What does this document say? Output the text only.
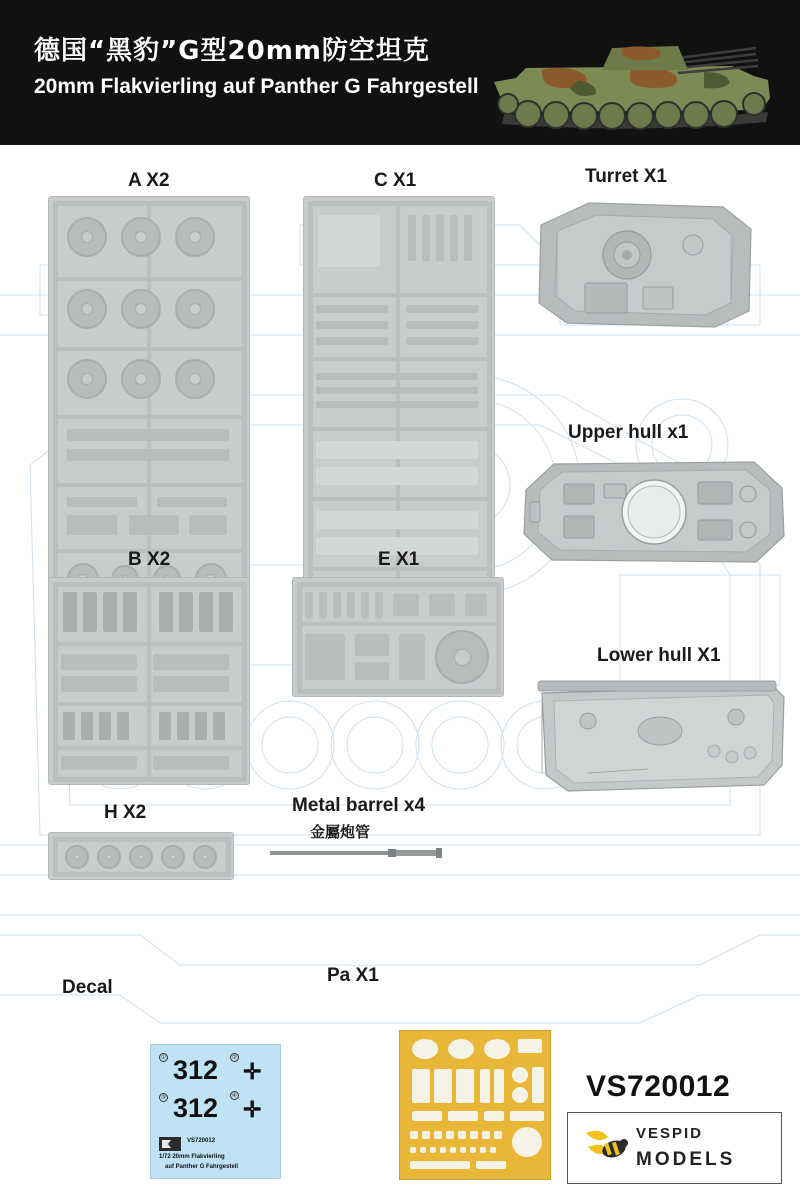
德国“黑豹”G型20mm防空坦克
20mm Flakvierling auf Panther G Fahrgestell
A X2	C X1	Turret X1
Upper hull x1
B X2	E X1
Lower hull X1
H X2	Metal barrel x4
金屬炮管
Decal
① 312 ✛
②
③ 312 ✛
④
VS720012
1/72 20mm Flakvierling
auf Panther G Fahrgestell
Pa X1
VS720012
VESPID
MODELS
